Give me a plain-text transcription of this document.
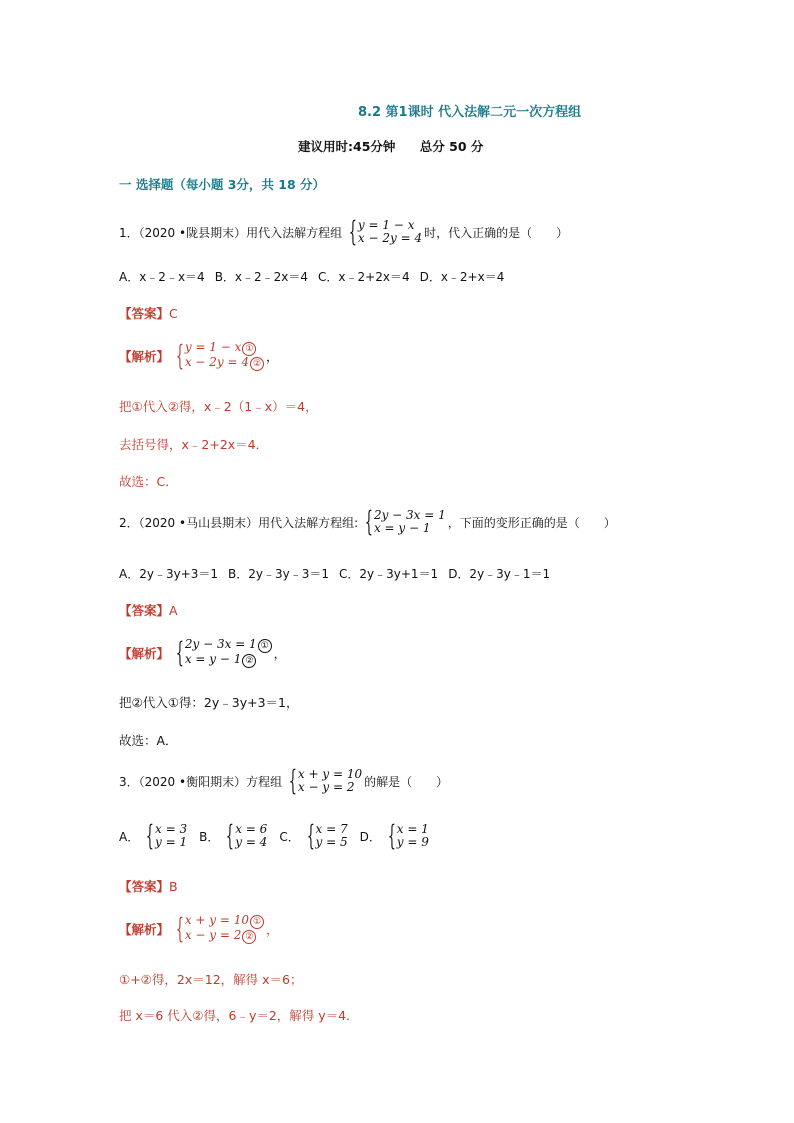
8.2 第1课时 代入法解二元一次方程组
建议用时:45分钟 总分 50 分
一 选择题（每小题 3分，共 18 分）
1．（2020 •陇县期末）用代入法解方程组 { y = 1 − x
x − 2y = 4 时，代入正确的是（　　）
A．x﹣2﹣x＝4 B．x﹣2﹣2x＝4 C．x﹣2+2x＝4 D．x﹣2+x＝4
【答案】 C
【解析】 { y = 1 − x ①
x − 2y = 4 ② ，
把①代入②得，x﹣2（1﹣x）＝4，
去括号得，x﹣2+2x＝4．
故选：C．
2．（2020 •马山县期末）用代入法解方程组: { 2y − 3x = 1
x = y − 1	，下面的变形正确的是（　　）
A．2y﹣3y+3＝1 B．2y﹣3y﹣3＝1 C．2y﹣3y+1＝1 D．2y﹣3y﹣1＝1
【答案】 A
【解析】 { 2y − 3x = 1 ①
x = y − 1 ②	，
把②代入①得：2y﹣3y+3＝1，
故选：A．
3．（2020 •衡阳期末）方程组 { x + y = 10
x − y = 2 的解是（　　）
A． { x = 3
y = 1 B． { x = 6
y = 4 C． { x = 7
y = 5 D． { x = 1
y = 9
【答案】 B
【解析】 { x + y = 10 ①
x − y = 2 ②	，
①+②得，2x＝12，解得 x＝6；
把 x＝6 代入②得，6﹣y＝2，解得 y＝4．
